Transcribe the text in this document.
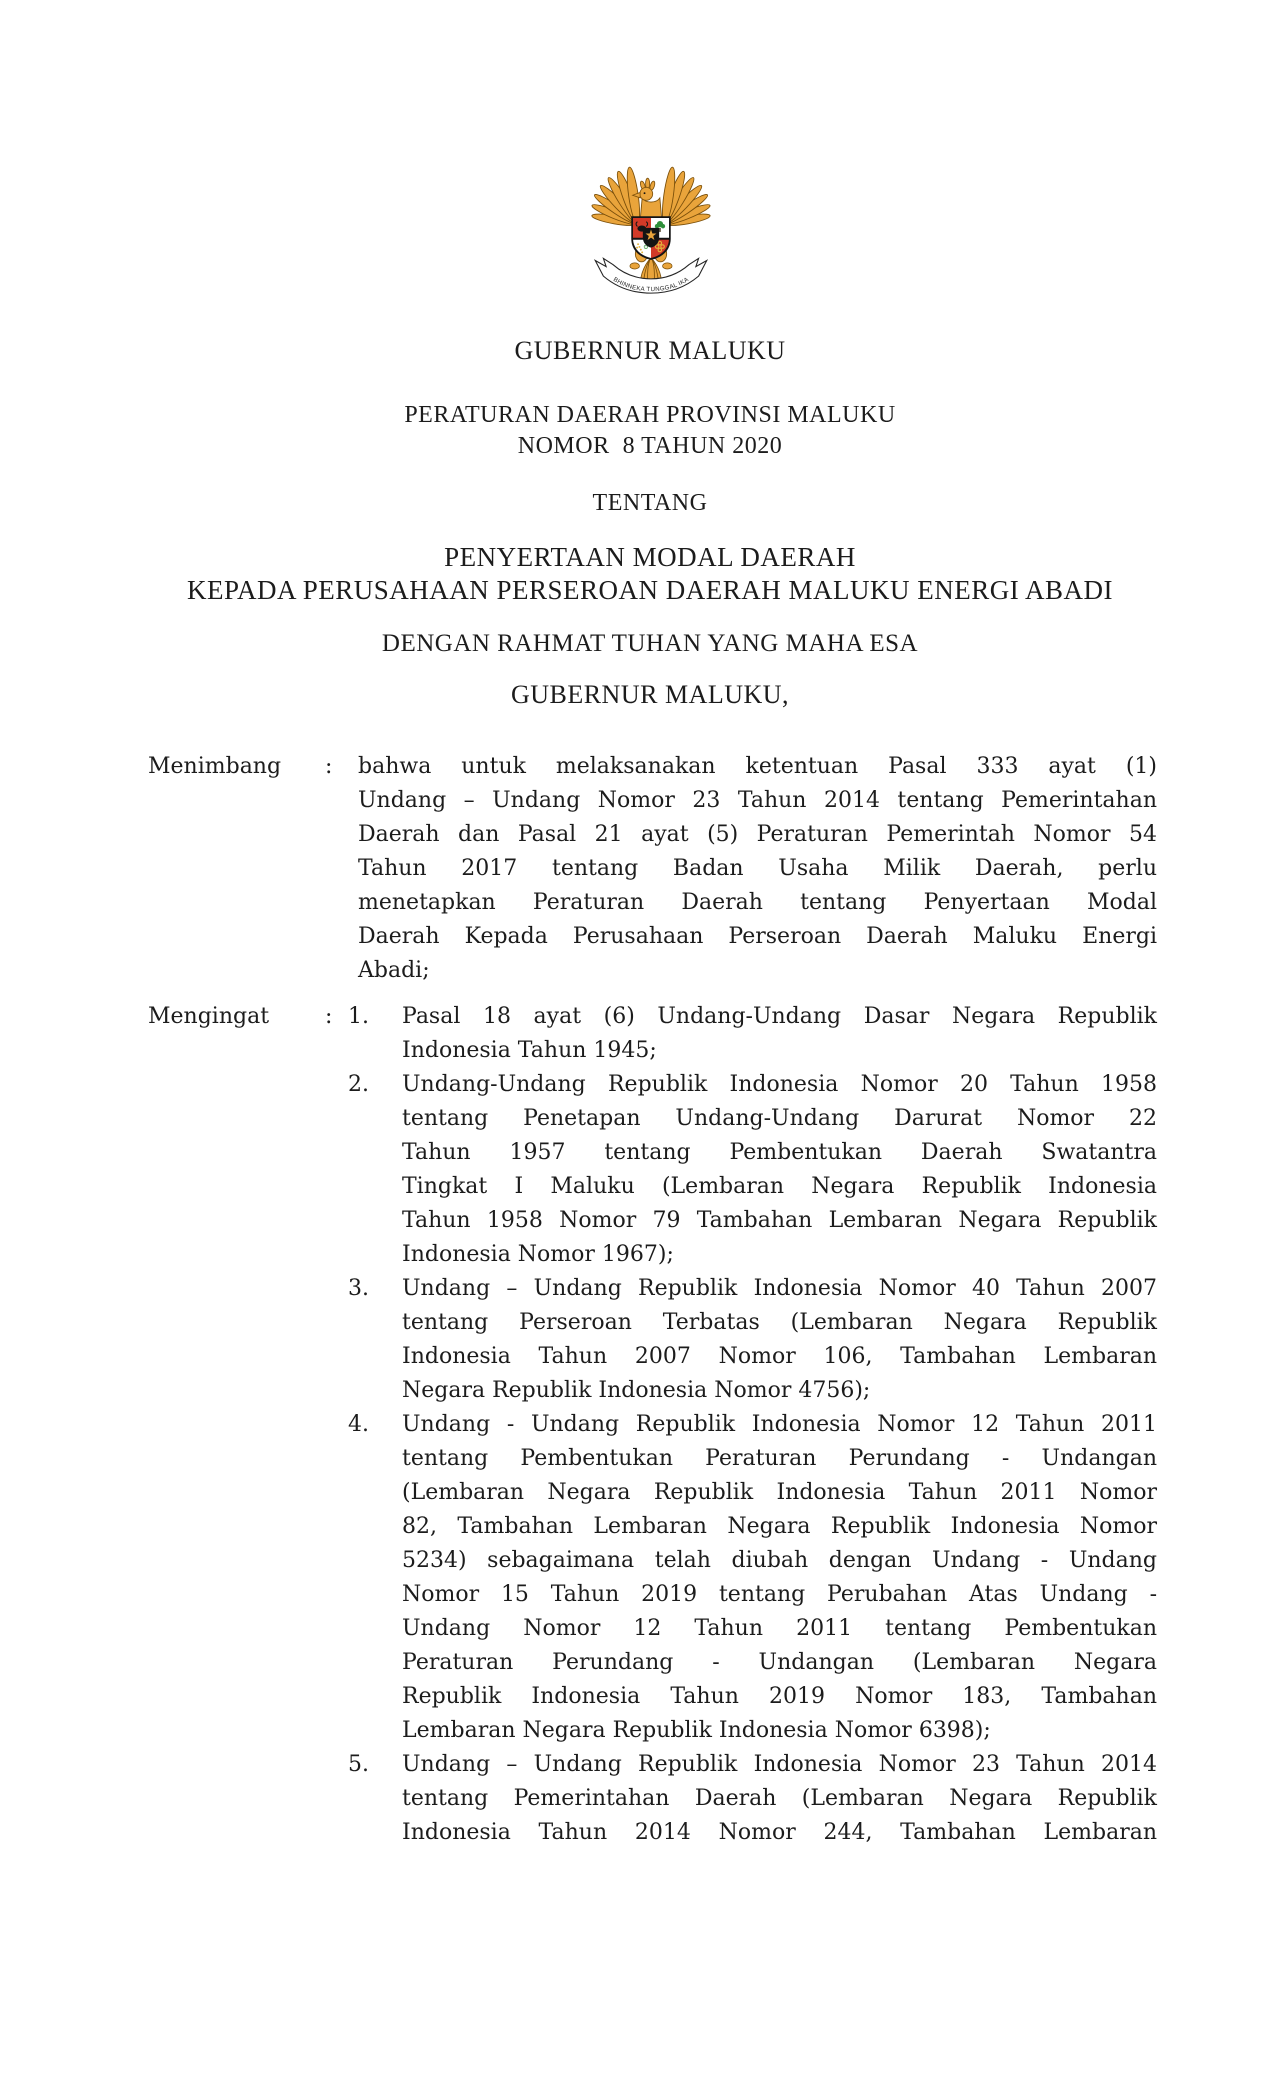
BHINNEKA TUNGGAL IKA
GUBERNUR MALUKU
PERATURAN DAERAH PROVINSI MALUKU
NOMOR  8 TAHUN 2020
TENTANG
PENYERTAAN MODAL DAERAH
KEPADA PERUSAHAAN PERSEROAN DAERAH MALUKU ENERGI ABADI
DENGAN RAHMAT TUHAN YANG MAHA ESA
GUBERNUR MALUKU,
Menimbang	:	bahwa untuk melaksanakan ketentuan Pasal 333 ayat (1)
Undang – Undang Nomor 23 Tahun 2014 tentang Pemerintahan
Daerah dan Pasal 21 ayat (5) Peraturan Pemerintah Nomor 54
Tahun 2017 tentang Badan Usaha Milik Daerah, perlu
menetapkan Peraturan Daerah tentang Penyertaan Modal
Daerah Kepada Perusahaan Perseroan Daerah Maluku Energi
Abadi;
Mengingat	: 1.	Pasal 18 ayat (6) Undang-Undang Dasar Negara Republik
Indonesia Tahun 1945;
2.	Undang-Undang Republik Indonesia Nomor 20 Tahun 1958
tentang Penetapan Undang-Undang Darurat Nomor 22
Tahun 1957 tentang Pembentukan Daerah Swatantra
Tingkat I Maluku (Lembaran Negara Republik Indonesia
Tahun 1958 Nomor 79 Tambahan Lembaran Negara Republik
Indonesia Nomor 1967);
3.	Undang – Undang Republik Indonesia Nomor 40 Tahun 2007
tentang Perseroan Terbatas (Lembaran Negara Republik
Indonesia Tahun 2007 Nomor 106, Tambahan Lembaran
Negara Republik Indonesia Nomor 4756);
4.	Undang - Undang Republik Indonesia Nomor 12 Tahun 2011
tentang Pembentukan Peraturan Perundang - Undangan
(Lembaran Negara Republik Indonesia Tahun 2011 Nomor
82, Tambahan Lembaran Negara Republik Indonesia Nomor
5234) sebagaimana telah diubah dengan Undang - Undang
Nomor 15 Tahun 2019 tentang Perubahan Atas Undang -
Undang Nomor 12 Tahun 2011 tentang Pembentukan
Peraturan Perundang - Undangan (Lembaran Negara
Republik Indonesia Tahun 2019 Nomor 183, Tambahan
Lembaran Negara Republik Indonesia Nomor 6398);
5.	Undang – Undang Republik Indonesia Nomor 23 Tahun 2014
tentang Pemerintahan Daerah (Lembaran Negara Republik
Indonesia Tahun 2014 Nomor 244, Tambahan Lembaran
